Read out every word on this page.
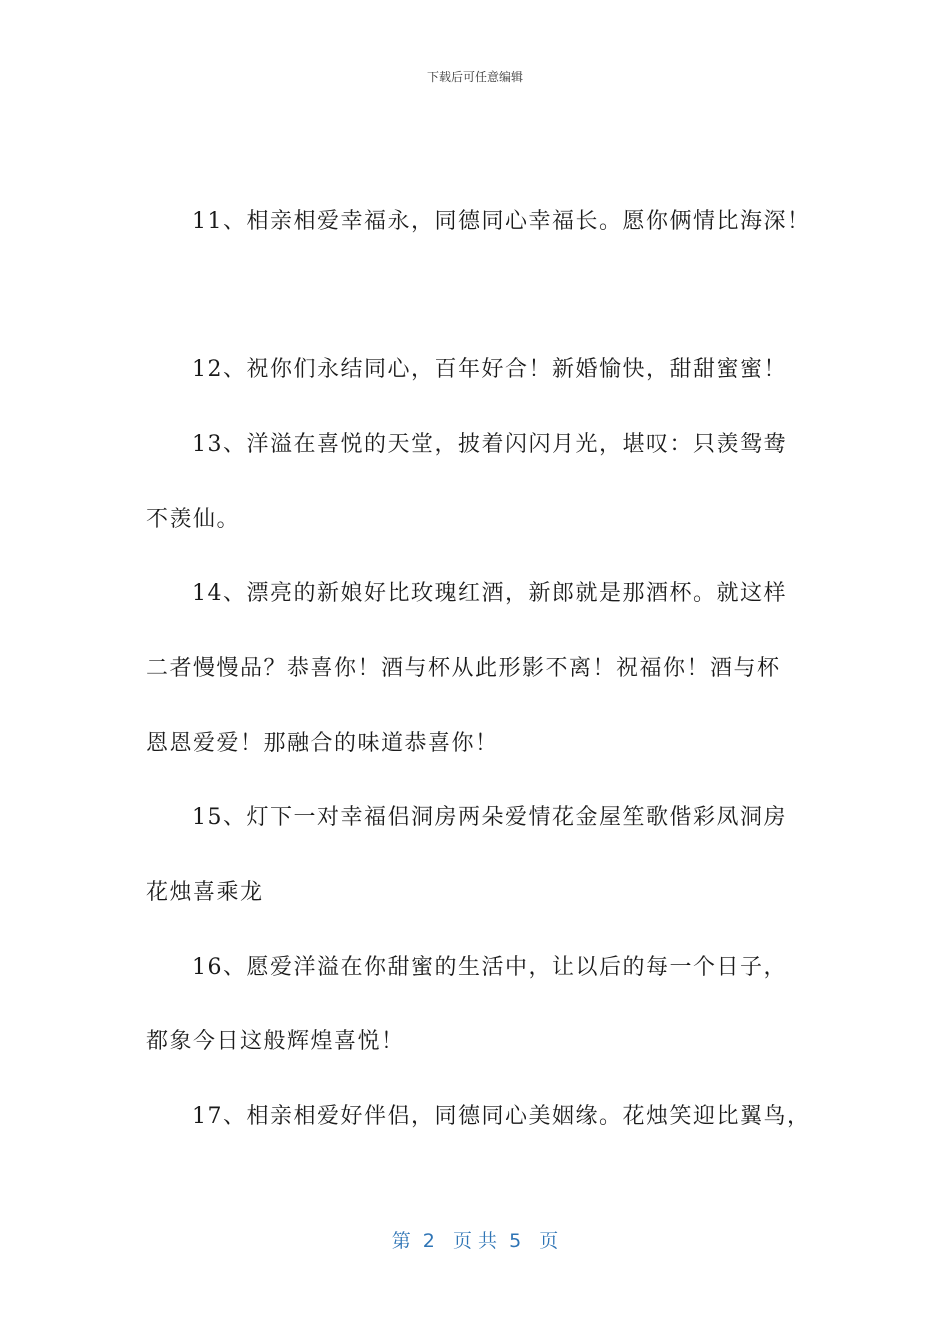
下载后可任意编辑
11、相亲相爱幸福永，同德同心幸福长。愿你俩情比海深！
12、祝你们永结同心，百年好合！新婚愉快，甜甜蜜蜜！
13、洋溢在喜悦的天堂，披着闪闪月光，堪叹：只羡鸳鸯
不羡仙。
14、漂亮的新娘好比玫瑰红酒，新郎就是那酒杯。就这样
二者慢慢品？恭喜你！酒与杯从此形影不离！祝福你！酒与杯
恩恩爱爱！那融合的味道恭喜你！
15、灯下一对幸福侣洞房两朵爱情花金屋笙歌偕彩凤洞房
花烛喜乘龙
16、愿爱洋溢在你甜蜜的生活中，让以后的每一个日子，
都象今日这般辉煌喜悦！
17、相亲相爱好伴侣，同德同心美姻缘。花烛笑迎比翼鸟，
第  2   页 共  5   页
